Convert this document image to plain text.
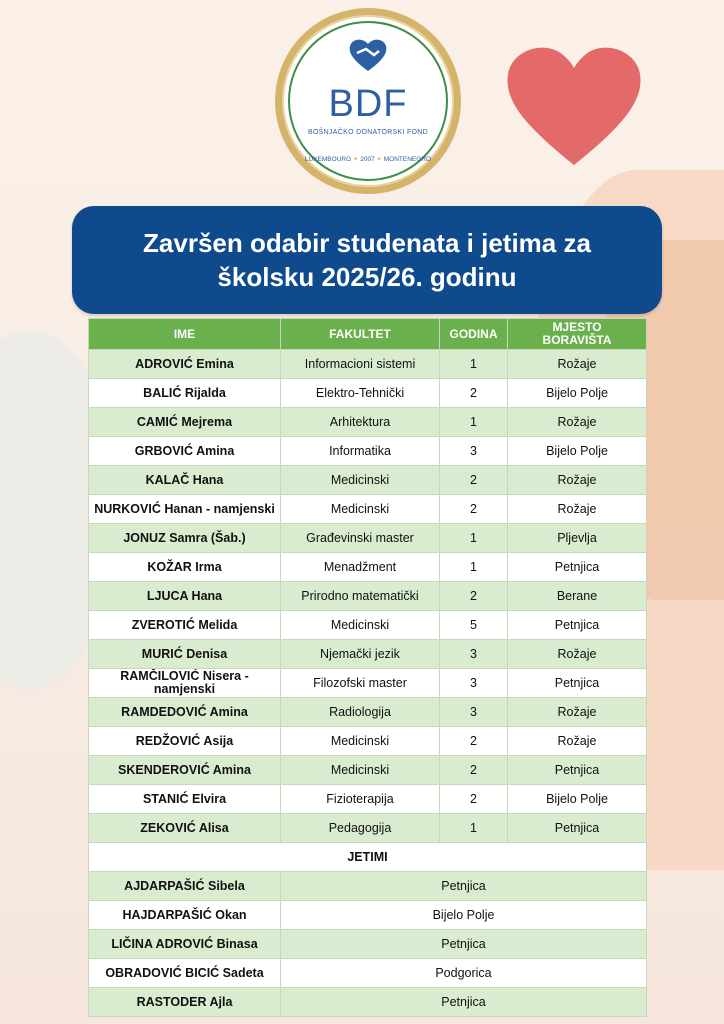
BDF
BOŠNJAČKO DONATORSKI FOND
LUXEMBOURG ✦ 2007 ✦ MONTENEGRO
Završen odabir studenata i jetima za
školsku 2025/26. godinu
IME	FAKULTET	GODINA	MJESTO
BORAVIŠTA
ADROVIĆ Emina	Informacioni sistemi	1	Rožaje
BALIĆ Rijalda	Elektro-Tehnički	2	Bijelo Polje
CAMIĆ Mejrema	Arhitektura	1	Rožaje
GRBOVIĆ Amina	Informatika	3	Bijelo Polje
KALAČ Hana	Medicinski	2	Rožaje
NURKOVIĆ Hanan - namjenski	Medicinski	2	Rožaje
JONUZ Samra (Šab.)	Građevinski master	1	Pljevlja
KOŽAR Irma	Menadžment	1	Petnjica
LJUCA Hana	Prirodno matematički	2	Berane
ZVEROTIĆ Melida	Medicinski	5	Petnjica
MURIĆ Denisa	Njemački jezik	3	Rožaje
RAMČILOVIĆ Nisera - namjenski	Filozofski master	3	Petnjica
RAMDEDOVIĆ Amina	Radiologija	3	Rožaje
REDŽOVIĆ Asija	Medicinski	2	Rožaje
SKENDEROVIĆ Amina	Medicinski	2	Petnjica
STANIĆ Elvira	Fizioterapija	2	Bijelo Polje
ZEKOVIĆ Alisa	Pedagogija	1	Petnjica
JETIMI			
AJDARPAŠIĆ Sibela	Petnjica		
HAJDARPAŠIĆ Okan	Bijelo Polje		
LIČINA ADROVIĆ Binasa	Petnjica		
OBRADOVIĆ BICIĆ Sadeta	Podgorica		
RASTODER Ajla	Petnjica		
